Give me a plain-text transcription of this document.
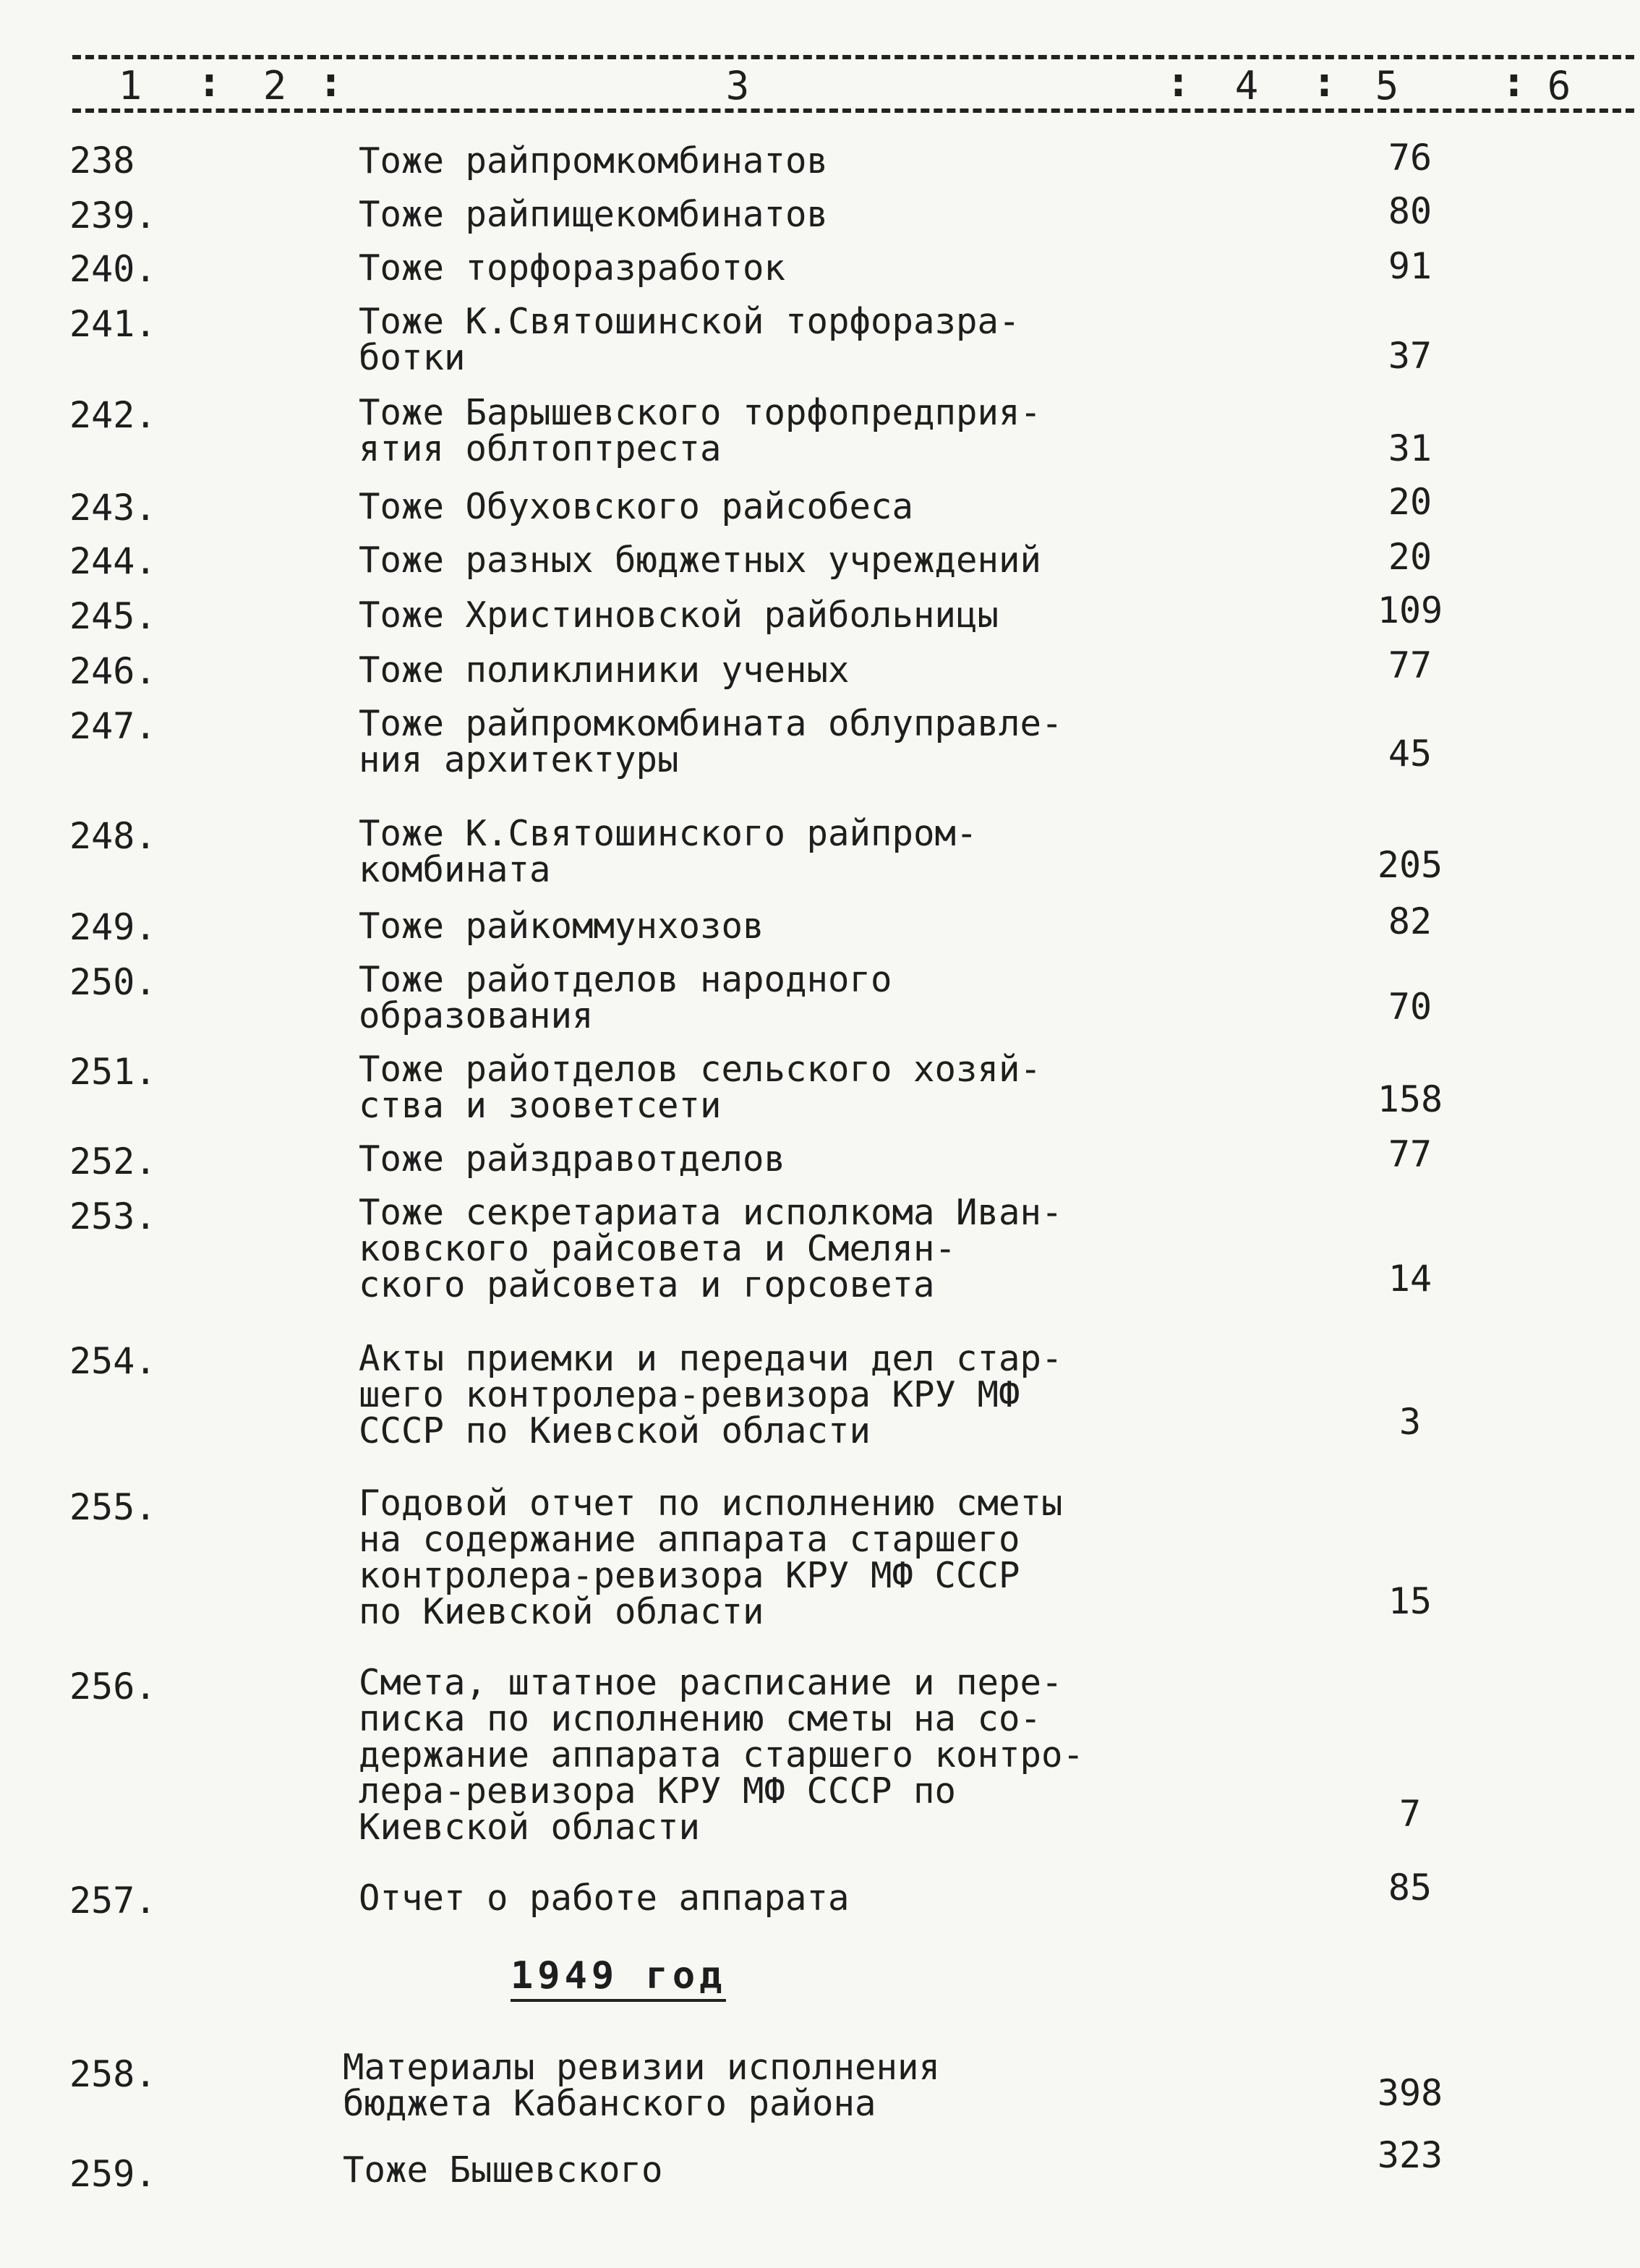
1 : 2 :	3	: 4 : 5 : 6
238	Тоже райпромкомбинатов	76
239.	Тоже райпищекомбинатов	80
240.	Тоже торфоразработок	91
241.	Тоже К.Святошинской торфоразра-
ботки	37
242.	Тоже Барышевского торфопредприя-
ятия облтоптреста	31
243.	Тоже Обуховского райсобеса	20
244.	Тоже разных бюджетных учреждений	20
245.	Тоже Христиновской райбольницы	109
246.	Тоже поликлиники ученых	77
247.	Тоже райпромкомбината облуправле-
ния архитектуры	45
248.	Тоже К.Святошинского райпром-
комбината	205
249.	Тоже райкоммунхозов	82
250.	Тоже райотделов народного
образования	70
251.	Тоже райотделов сельского хозяй-
ства и зооветсети	158
252.	Тоже райздравотделов	77
253.	Тоже секретариата исполкома Иван-
ковского райсовета и Смелян-
ского райсовета и горсовета	14
254.	Акты приемки и передачи дел стар-
шего контролера-ревизора КРУ МФ
СССР по Киевской области	3
255.	Годовой отчет по исполнению сметы
на содержание аппарата старшего
контролера-ревизора КРУ МФ СССР
по Киевской области	15
256.	Смета, штатное расписание и пере-
писка по исполнению сметы на со-
держание аппарата старшего контро-
лера-ревизора КРУ МФ СССР по
Киевской области	7
257.	Отчет о работе аппарата	85
1949 год
258.	Материалы ревизии исполнения
бюджета Кабанского района	398
259.	Тоже Бышевского	323
